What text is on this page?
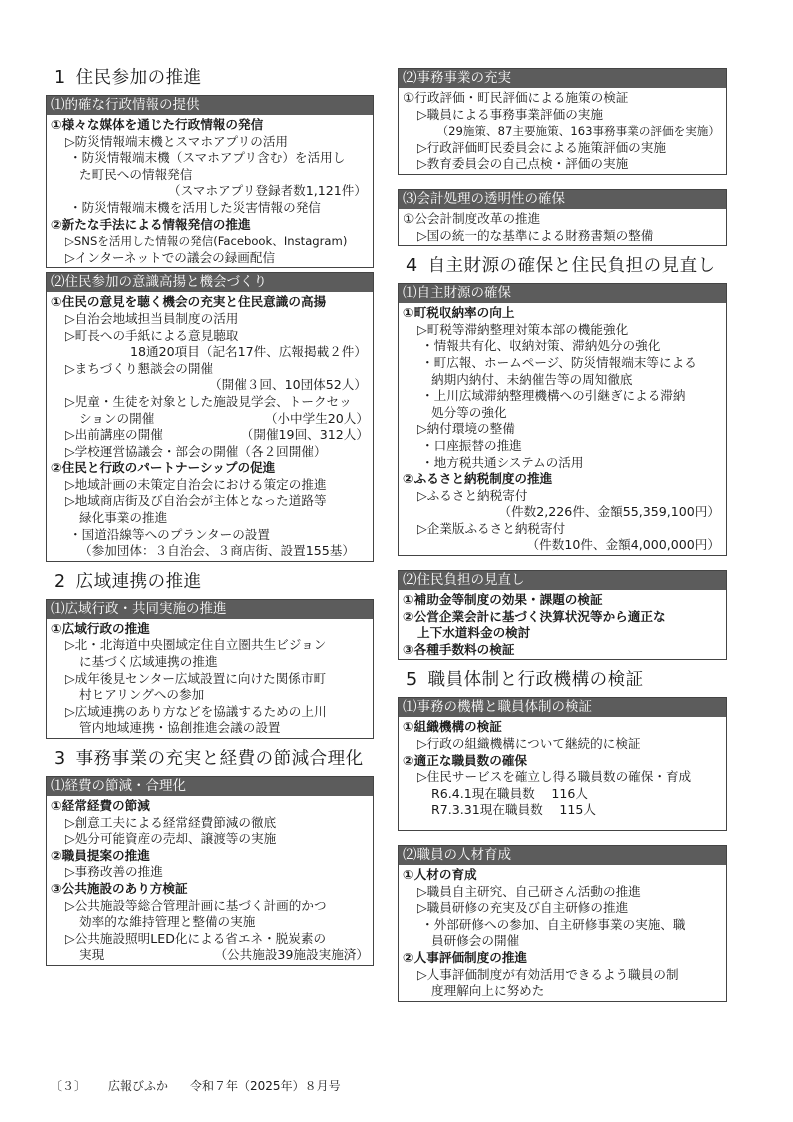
1 住民参加の推進
⑴的確な行政情報の提供
①様々な媒体を通じた行政情報の発信
▷防災情報端末機とスマホアプリの活用
・防災情報端末機（スマホアプリ含む）を活用し
た町民への情報発信
（スマホアプリ登録者数1,121件）
・防災情報端末機を活用した災害情報の発信
②新たな手法による情報発信の推進
▷SNSを活用した情報の発信(Facebook、Instagram)
▷インターネットでの議会の録画配信
⑵住民参加の意識高揚と機会づくり
①住民の意見を聴く機会の充実と住民意識の高揚
▷自治会地域担当員制度の活用
▷町長への手紙による意見聴取
18通20項目（記名17件、広報掲載２件）
▷まちづくり懇談会の開催
（開催３回、10団体52人）
▷児童・生徒を対象とした施設見学会、トークセッ
ションの開催	（小中学生20人）
▷出前講座の開催	（開催19回、312人）
▷学校運営協議会・部会の開催（各２回開催）
②住民と行政のパートナーシップの促進
▷地域計画の未策定自治会における策定の推進
▷地域商店街及び自治会が主体となった道路等
緑化事業の推進
・国道沿線等へのプランターの設置
（参加団体：３自治会、３商店街、設置155基）
2 広域連携の推進
⑴広域行政・共同実施の推進
①広域行政の推進
▷北・北海道中央圏域定住自立圏共生ビジョン
に基づく広域連携の推進
▷成年後見センター広域設置に向けた関係市町
村ヒアリングへの参加
▷広域連携のあり方などを協議するための上川
管内地域連携・協創推進会議の設置
3 事務事業の充実と経費の節減合理化
⑴経費の節減・合理化
①経常経費の節減
▷創意工夫による経常経費節減の徹底
▷処分可能資産の売却、譲渡等の実施
②職員提案の推進
▷事務改善の推進
③公共施設のあり方検証
▷公共施設等総合管理計画に基づく計画的かつ
効率的な維持管理と整備の実施
▷公共施設照明LED化による省エネ・脱炭素の
実現	（公共施設39施設実施済）
⑵事務事業の充実
①行政評価・町民評価による施策の検証
▷職員による事務事業評価の実施
（29施策、87主要施策、163事務事業の評価を実施）
▷行政評価町民委員会による施策評価の実施
▷教育委員会の自己点検・評価の実施
⑶会計処理の透明性の確保
①公会計制度改革の推進
▷国の統一的な基準による財務書類の整備
4 自主財源の確保と住民負担の見直し
⑴自主財源の確保
①町税収納率の向上
▷町税等滞納整理対策本部の機能強化
・情報共有化、収納対策、滞納処分の強化
・町広報、ホームページ、防災情報端末等による
納期内納付、未納催告等の周知徹底
・上川広域滞納整理機構への引継ぎによる滞納
処分等の強化
▷納付環境の整備
・口座振替の推進
・地方税共通システムの活用
②ふるさと納税制度の推進
▷ふるさと納税寄付
（件数2,226件、金額55,359,100円）
▷企業版ふるさと納税寄付
（件数10件、金額4,000,000円）
⑵住民負担の見直し
①補助金等制度の効果・課題の検証
②公営企業会計に基づく決算状況等から適正な
上下水道料金の検討
③各種手数料の検証
5 職員体制と行政機構の検証
⑴事務の機構と職員体制の検証
①組織機構の検証
▷行政の組織機構について継続的に検証
②適正な職員数の確保
▷住民サービスを確立し得る職員数の確保・育成
R6.4.1現在職員数　 116人
R7.3.31現在職員数　 115人
⑵職員の人材育成
①人材の育成
▷職員自主研究、自己研さん活動の推進
▷職員研修の充実及び自主研修の推進
・外部研修への参加、自主研修事業の実施、職
員研修会の開催
②人事評価制度の推進
▷人事評価制度が有効活用できるよう職員の制
度理解向上に努めた
〔３〕 広報びふか 令和７年（2025年）８月号
